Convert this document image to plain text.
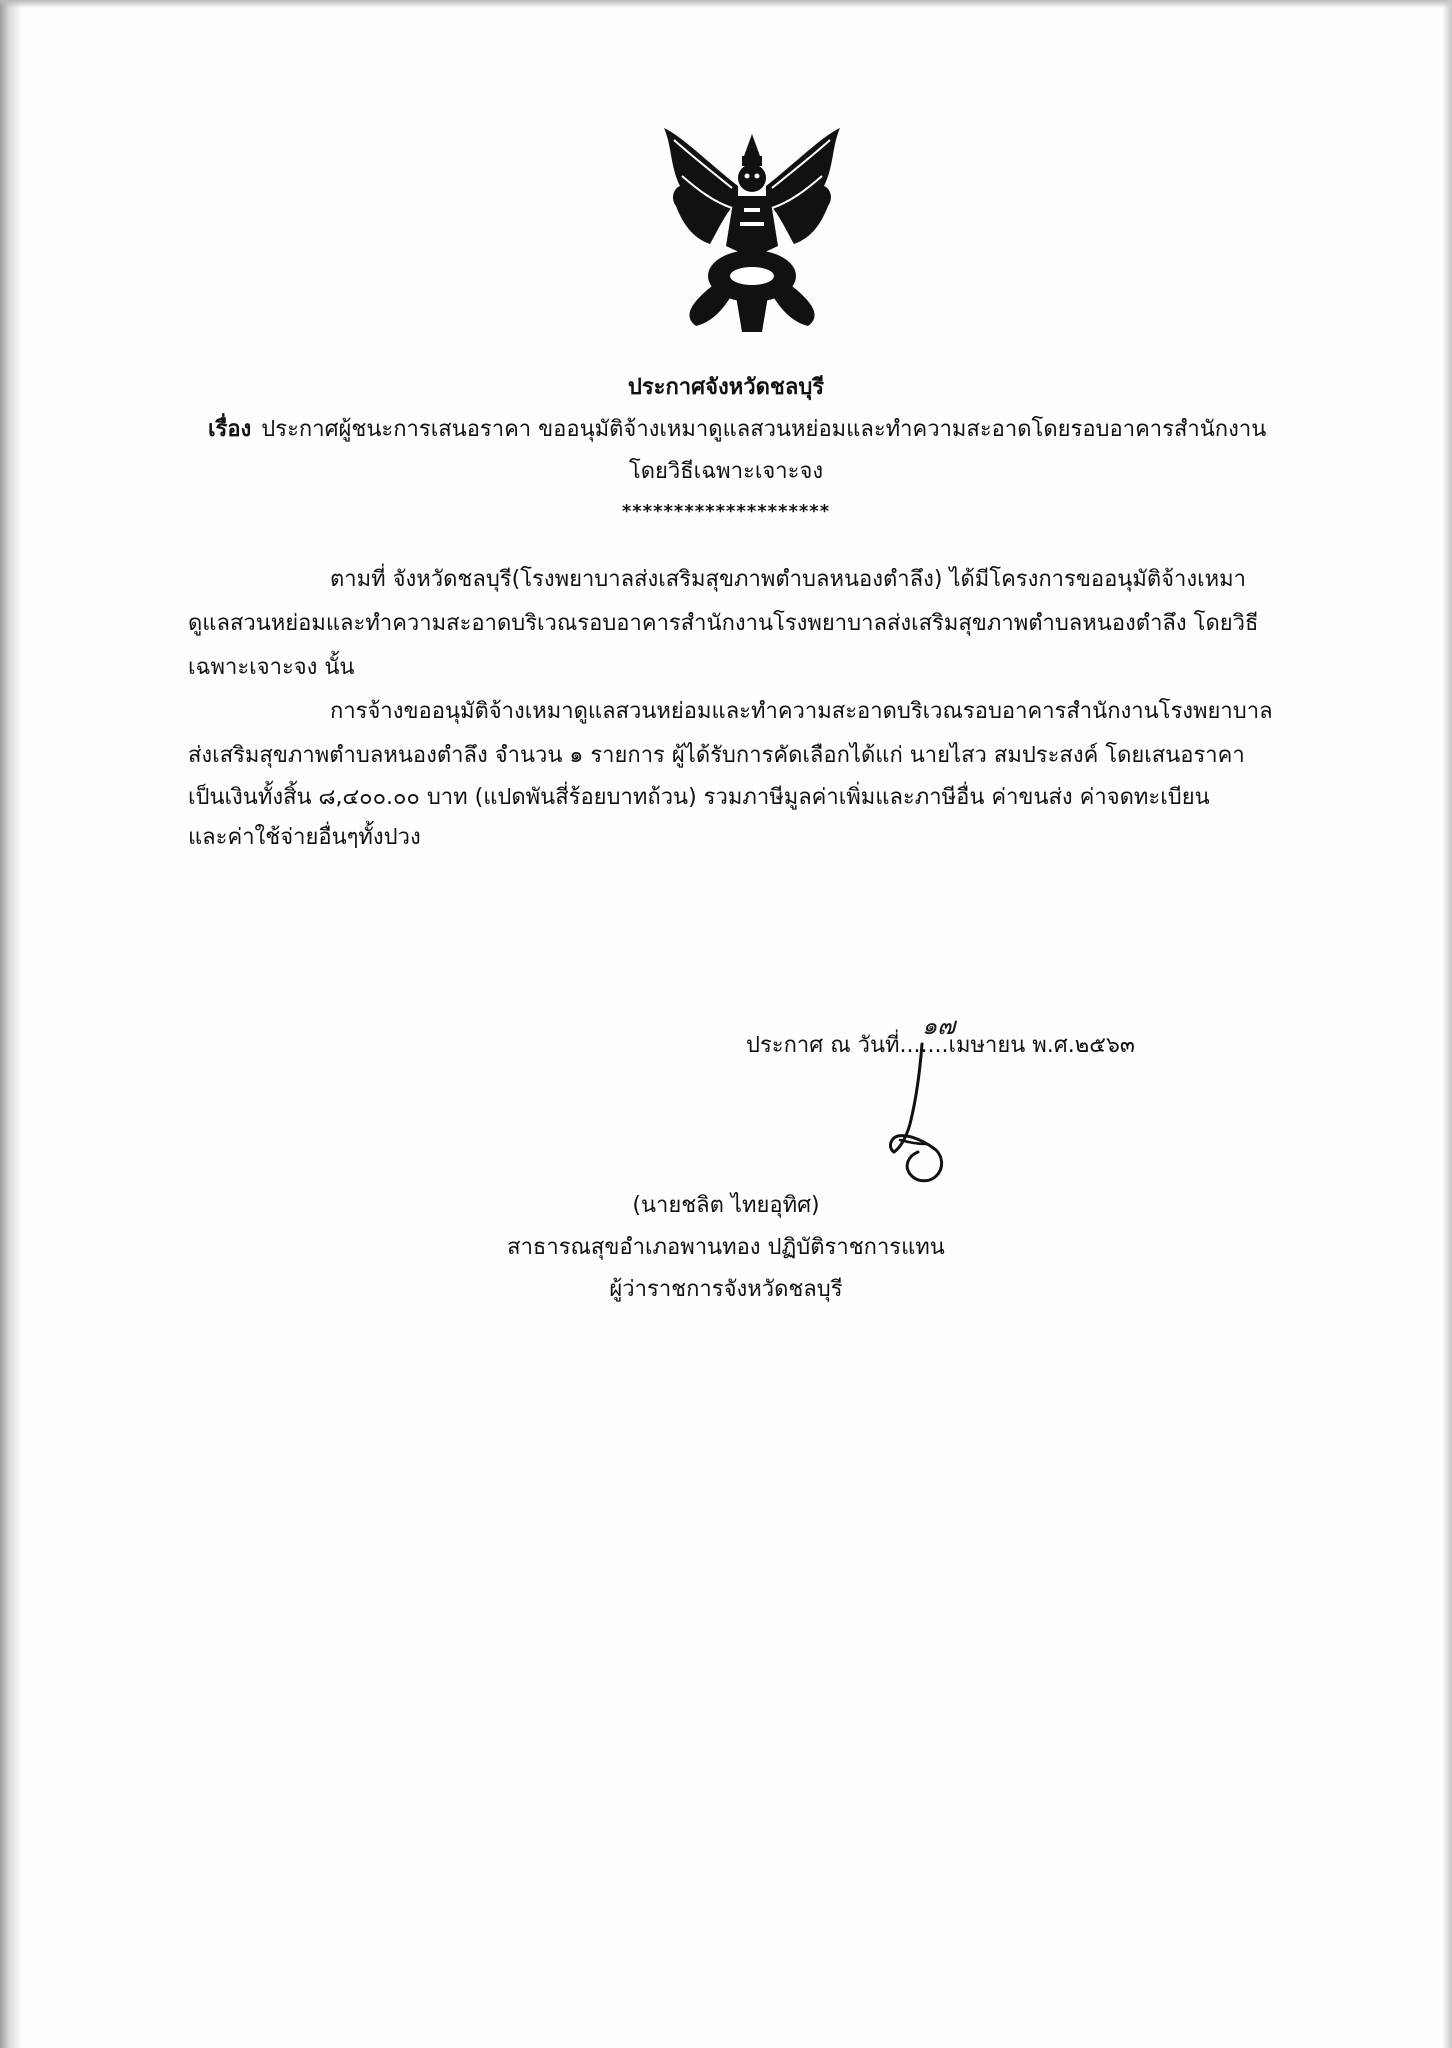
ประกาศจังหวัดชลบุรี
เรื่อง ประกาศผู้ชนะการเสนอราคา ขออนุมัติจ้างเหมาดูแลสวนหย่อมและทำความสะอาดโดยรอบอาคารสำนักงาน
โดยวิธีเฉพาะเจาะจง
********************
ตามที่ จังหวัดชลบุรี(โรงพยาบาลส่งเสริมสุขภาพตำบลหนองตำลึง) ได้มีโครงการขออนุมัติจ้างเหมา
ดูแลสวนหย่อมและทำความสะอาดบริเวณรอบอาคารสำนักงานโรงพยาบาลส่งเสริมสุขภาพตำบลหนองตำลึง โดยวิธี
เฉพาะเจาะจง นั้น
การจ้างขออนุมัติจ้างเหมาดูแลสวนหย่อมและทำความสะอาดบริเวณรอบอาคารสำนักงานโรงพยาบาล
ส่งเสริมสุขภาพตำบลหนองตำลึง จำนวน ๑ รายการ ผู้ได้รับการคัดเลือกได้แก่ นายไสว สมประสงค์ โดยเสนอราคา
เป็นเงินทั้งสิ้น ๘,๔๐๐.๐๐ บาท (แปดพันสี่ร้อยบาทถ้วน) รวมภาษีมูลค่าเพิ่มและภาษีอื่น ค่าขนส่ง ค่าจดทะเบียน
และค่าใช้จ่ายอื่นๆทั้งปวง
ประกาศ ณ วันที่.......เมษายน พ.ศ.๒๕๖๓
๑๗
(นายชลิต ไทยอุทิศ)
สาธารณสุขอำเภอพานทอง ปฏิบัติราชการแทน
ผู้ว่าราชการจังหวัดชลบุรี
